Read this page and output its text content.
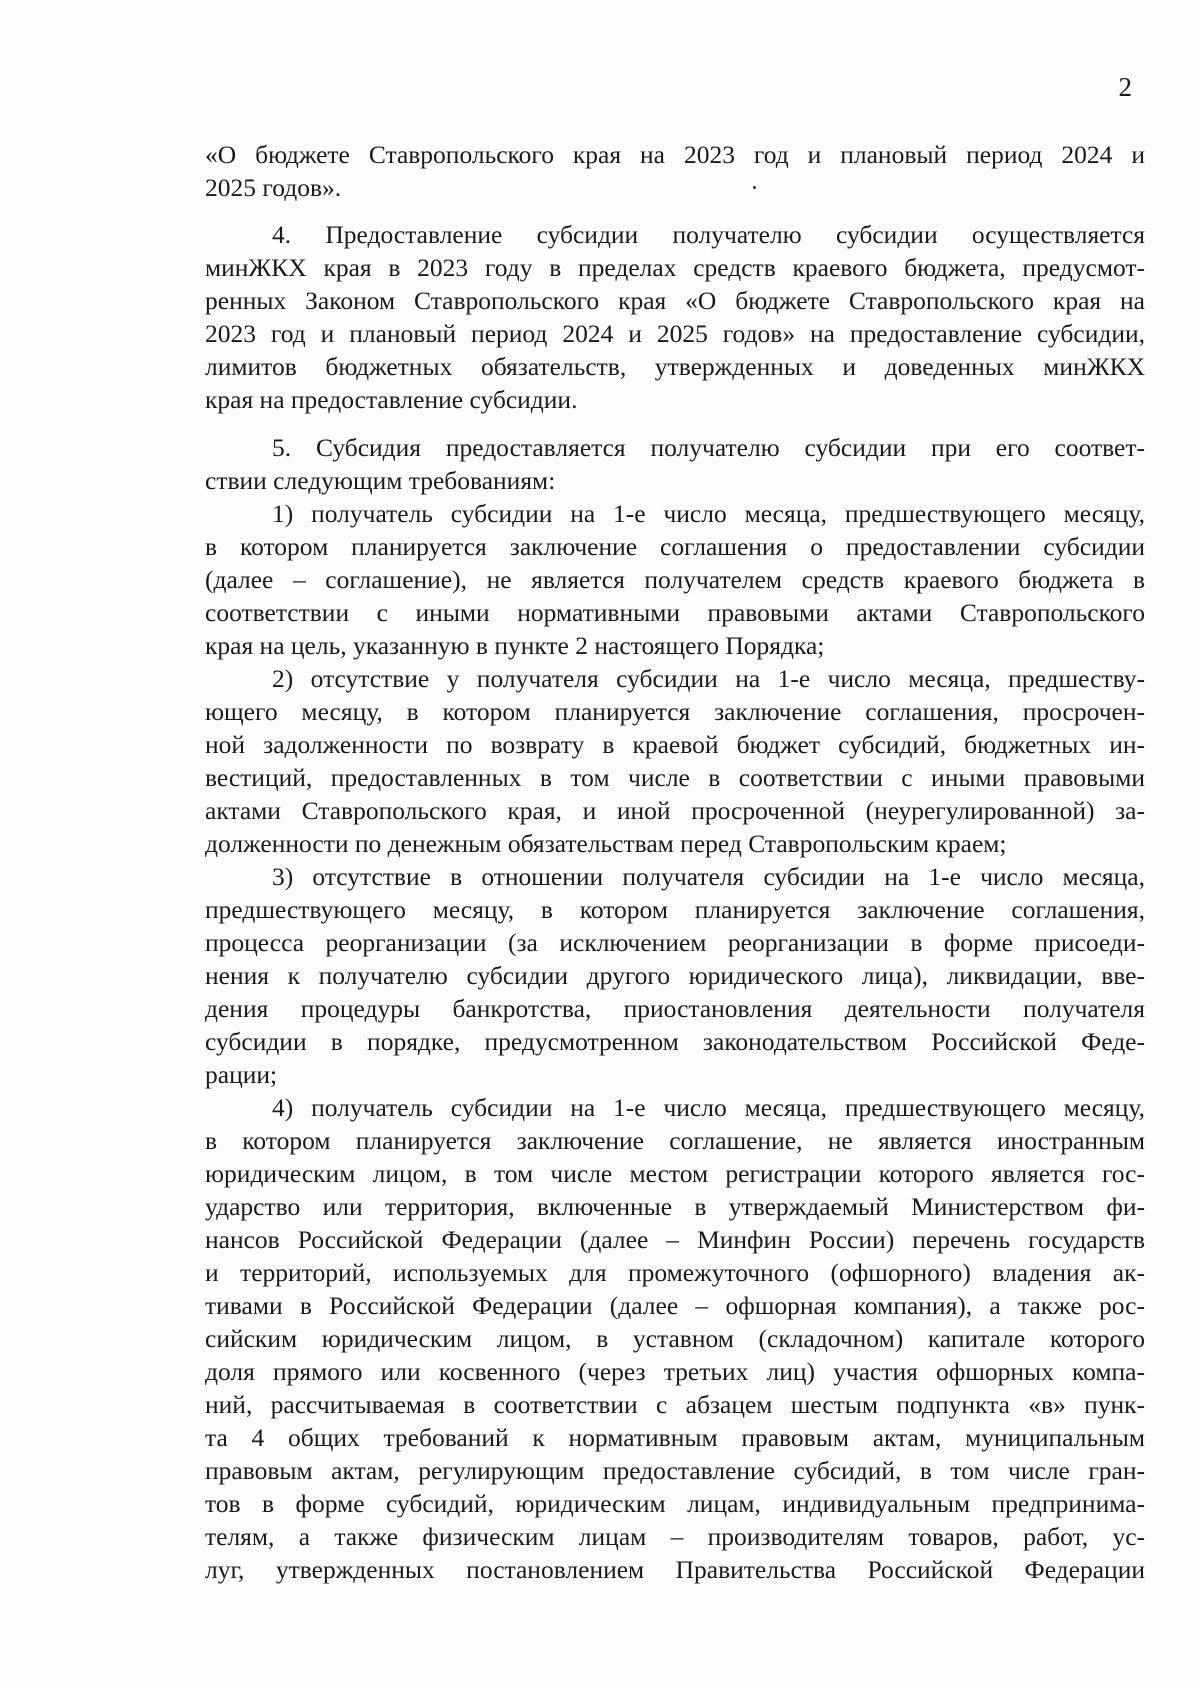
2
«О бюджете Ставропольского края на 2023 год и плановый период 2024 и
2025 годов».
4. Предоставление субсидии получателю субсидии осуществляется
минЖКХ края в 2023 году в пределах средств краевого бюджета, предусмот-
ренных Законом Ставропольского края «О бюджете Ставропольского края на
2023 год и плановый период 2024 и 2025 годов» на предоставление субсидии,
лимитов бюджетных обязательств, утвержденных и доведенных минЖКХ
края на предоставление субсидии.
5. Субсидия предоставляется получателю субсидии при его соответ-
ствии следующим требованиям:
1) получатель субсидии на 1-е число месяца, предшествующего месяцу,
в котором планируется заключение соглашения о предоставлении субсидии
(далее – соглашение), не является получателем средств краевого бюджета в
соответствии с иными нормативными правовыми актами Ставропольского
края на цель, указанную в пункте 2 настоящего Порядка;
2) отсутствие у получателя субсидии на 1-е число месяца, предшеству-
ющего месяцу, в котором планируется заключение соглашения, просрочен-
ной задолженности по возврату в краевой бюджет субсидий, бюджетных ин-
вестиций, предоставленных в том числе в соответствии с иными правовыми
актами Ставропольского края, и иной просроченной (неурегулированной) за-
долженности по денежным обязательствам перед Ставропольским краем;
3) отсутствие в отношении получателя субсидии на 1-е число месяца,
предшествующего месяцу, в котором планируется заключение соглашения,
процесса реорганизации (за исключением реорганизации в форме присоеди-
нения к получателю субсидии другого юридического лица), ликвидации, вве-
дения процедуры банкротства, приостановления деятельности получателя
субсидии в порядке, предусмотренном законодательством Российской Феде-
рации;
4) получатель субсидии на 1-е число месяца, предшествующего месяцу,
в котором планируется заключение соглашение, не является иностранным
юридическим лицом, в том числе местом регистрации которого является гос-
ударство или территория, включенные в утверждаемый Министерством фи-
нансов Российской Федерации (далее – Минфин России) перечень государств
и территорий, используемых для промежуточного (офшорного) владения ак-
тивами в Российской Федерации (далее – офшорная компания), а также рос-
сийским юридическим лицом, в уставном (складочном) капитале которого
доля прямого или косвенного (через третьих лиц) участия офшорных компа-
ний, рассчитываемая в соответствии с абзацем шестым подпункта «в» пунк-
та 4 общих требований к нормативным правовым актам, муниципальным
правовым актам, регулирующим предоставление субсидий, в том числе гран-
тов в форме субсидий, юридическим лицам, индивидуальным предпринима-
телям, а также физическим лицам – производителям товаров, работ, ус-
луг, утвержденных постановлением Правительства Российской Федерации
